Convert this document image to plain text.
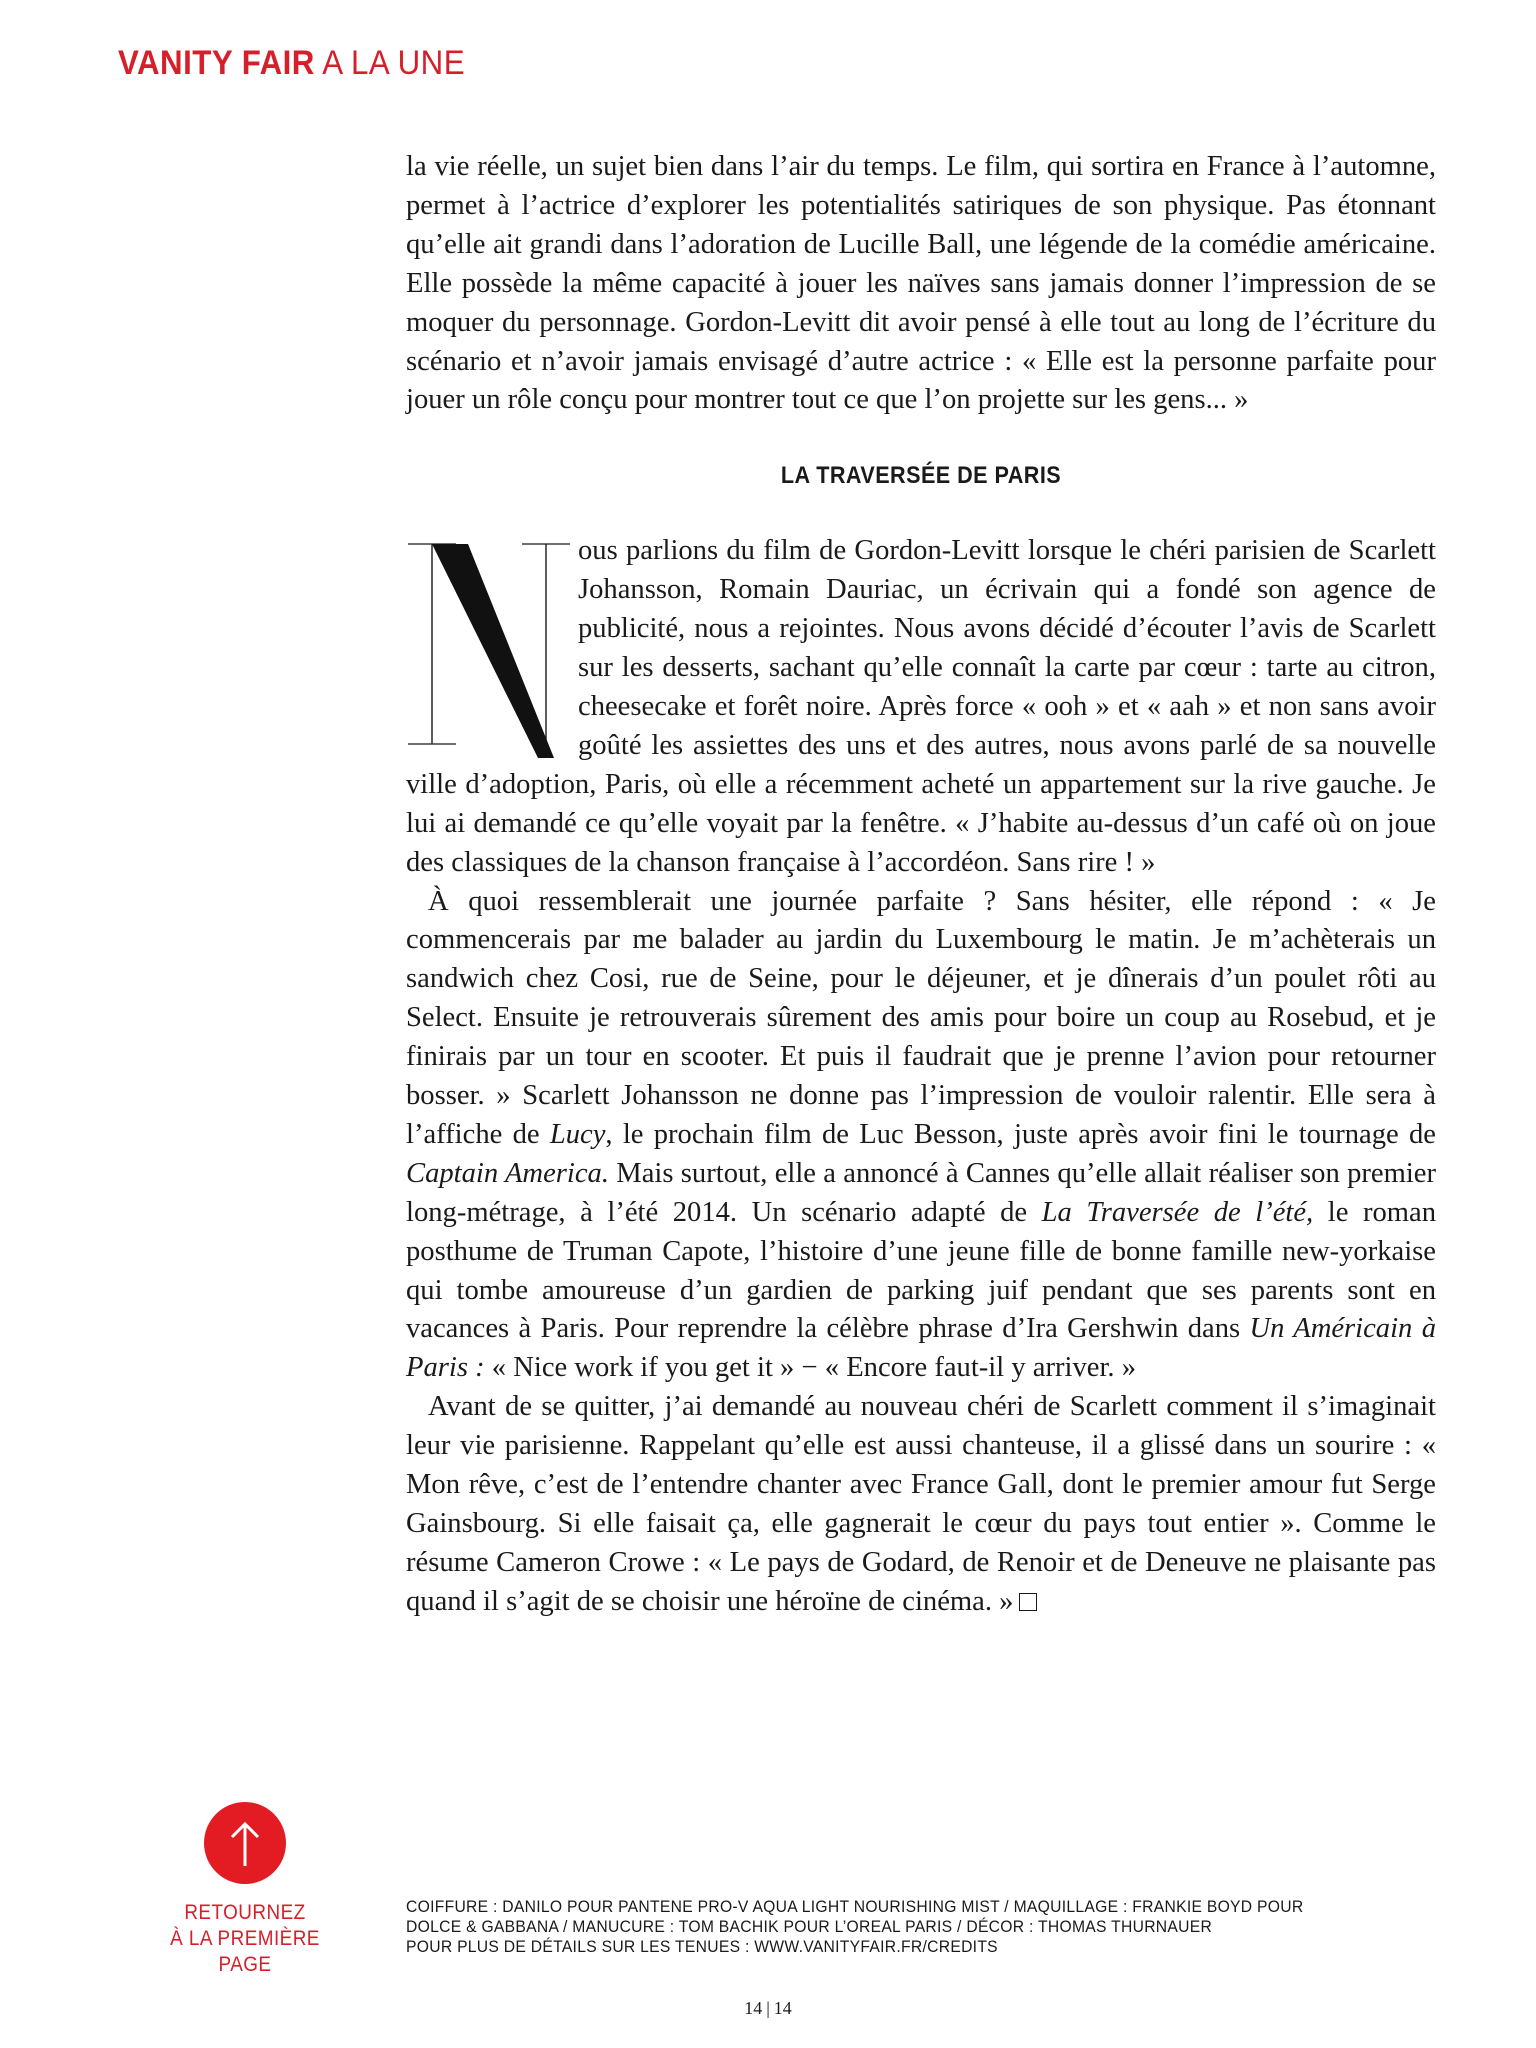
VANITY FAIR A LA UNE

la vie réelle, un sujet bien dans l’air du temps. Le film, qui sortira en France à l’automne, permet à l’actrice d’explorer les potentialités satiriques de son physique. Pas étonnant qu’elle ait grandi dans l’adoration de Lucille Ball, une légende de la comédie américaine. Elle possède la même capacité à jouer les naïves sans jamais donner l’impression de se moquer du personnage. Gordon-Levitt dit avoir pensé à elle tout au long de l’écriture du scénario et n’avoir jamais envisagé d’autre actrice : « Elle est la personne parfaite pour jouer un rôle conçu pour montrer tout ce que l’on projette sur les gens... »

LA TRAVERSÉE DE PARIS

ous parlions du film de Gordon-Levitt lorsque le chéri parisien de Scarlett Johansson, Romain Dauriac, un écrivain qui a fondé son agence de publicité, nous a rejointes. Nous avons décidé d’écouter l’avis de Scarlett sur les desserts, sachant qu’elle connaît la carte par cœur : tarte au citron, cheesecake et forêt noire. Après force « ooh » et « aah » et non sans avoir goûté les assiettes des uns et des autres, nous avons parlé de sa nouvelle ville d’adoption, Paris, où elle a récemment acheté un appartement sur la rive gauche. Je lui ai demandé ce qu’elle voyait par la fenêtre. « J’habite au-dessus d’un café où on joue des classiques de la chanson française à l’accordéon. Sans rire ! »

À quoi ressemblerait une journée parfaite ? Sans hésiter, elle répond : « Je commencerais par me balader au jardin du Luxembourg le matin. Je m’achèterais un sandwich chez Cosi, rue de Seine, pour le déjeuner, et je dînerais d’un poulet rôti au Select. Ensuite je retrouverais sûrement des amis pour boire un coup au Rosebud, et je finirais par un tour en scooter. Et puis il faudrait que je prenne l’avion pour retourner bosser. » Scarlett Johansson ne donne pas l’impression de vouloir ralentir. Elle sera à l’affiche de Lucy, le prochain film de Luc Besson, juste après avoir fini le tournage de Captain America. Mais surtout, elle a annoncé à Cannes qu’elle allait réaliser son premier long-métrage, à l’été 2014. Un scénario adapté de La Traversée de l’été, le roman posthume de Truman Capote, l’histoire d’une jeune fille de bonne famille new-yorkaise qui tombe amoureuse d’un gardien de parking juif pendant que ses parents sont en vacances à Paris. Pour reprendre la célèbre phrase d’Ira Gershwin dans Un Américain à Paris : « Nice work if you get it » − « Encore faut-il y arriver. »

Avant de se quitter, j’ai demandé au nouveau chéri de Scarlett comment il s’imaginait leur vie parisienne. Rappelant qu’elle est aussi chanteuse, il a glissé dans un sourire : « Mon rêve, c’est de l’entendre chanter avec France Gall, dont le premier amour fut Serge Gainsbourg. Si elle faisait ça, elle gagnerait le cœur du pays tout entier ». Comme le résume Cameron Crowe : « Le pays de Godard, de Renoir et de Deneuve ne plaisante pas quand il s’agit de se choisir une héroïne de cinéma. »

RETOURNEZ
À LA PREMIÈRE PAGE
COIFFURE : DANILO POUR PANTENE PRO-V AQUA LIGHT NOURISHING MIST / MAQUILLAGE : FRANKIE BOYD POUR
DOLCE & GABBANA / MANUCURE : TOM BACHIK POUR L’OREAL PARIS / DÉCOR : THOMAS THURNAUER
POUR PLUS DE DÉTAILS SUR LES TENUES : WWW.VANITYFAIR.FR/CREDITS
14 | 14
